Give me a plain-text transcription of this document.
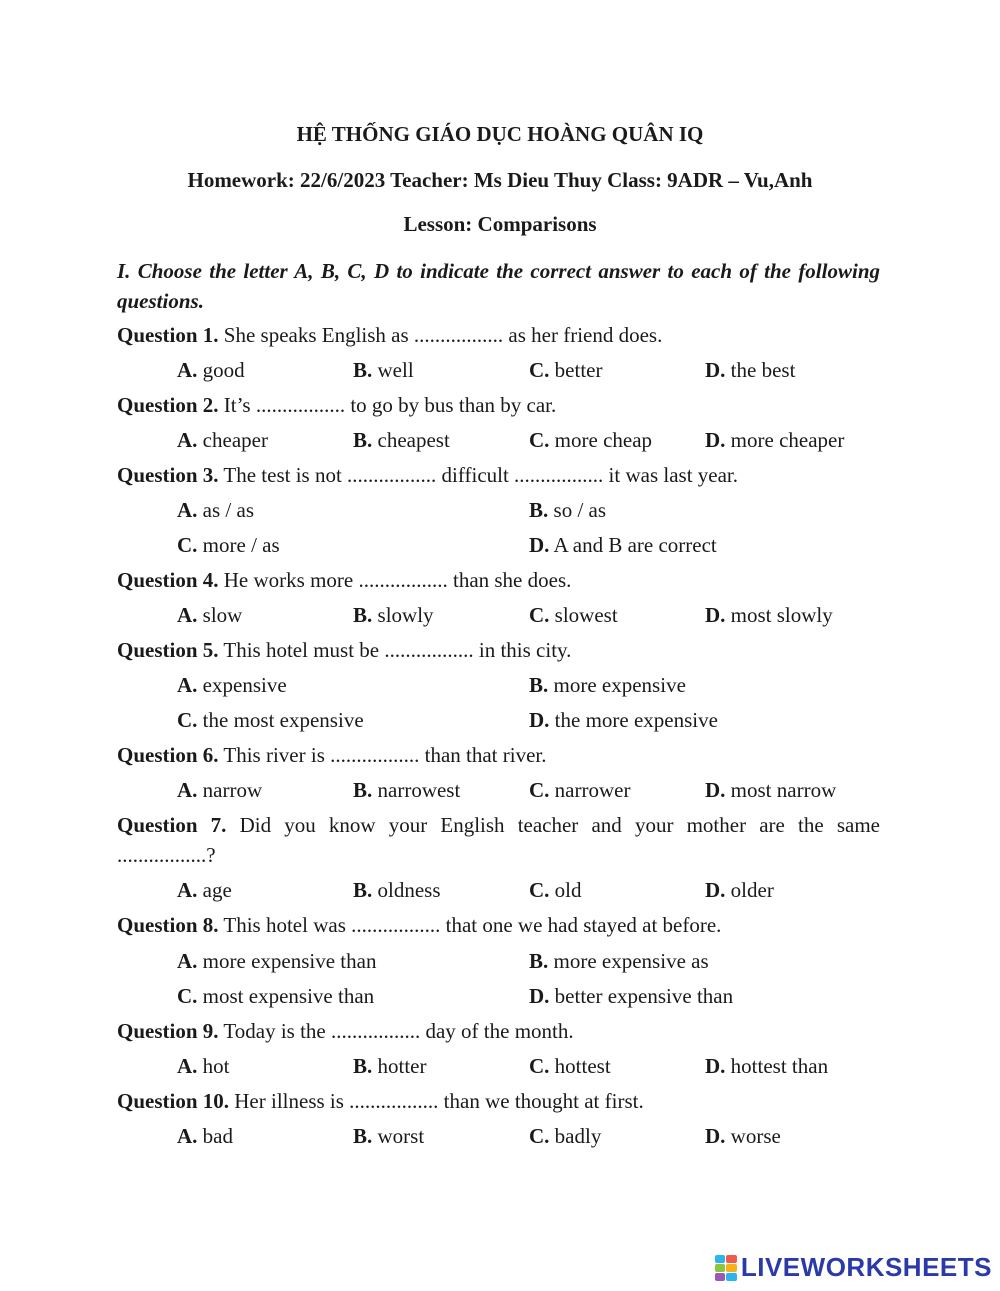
HỆ THỐNG GIÁO DỤC HOÀNG QUÂN IQ
Homework: 22/6/2023 Teacher: Ms Dieu Thuy Class: 9ADR – Vu,Anh
Lesson: Comparisons
I. Choose the letter A, B, C, D to indicate the correct answer to each of the following questions.
Question 1. She speaks English as ................. as her friend does.
A. good	B. well	C. better	D. the best
Question 2. It’s ................. to go by bus than by car.
A. cheaper	B. cheapest	C. more cheap	D. more cheaper
Question 3. The test is not ................. difficult ................. it was last year.
A. as / as	B. so / as
C. more / as	D. A and B are correct
Question 4. He works more ................. than she does.
A. slow	B. slowly	C. slowest	D. most slowly
Question 5. This hotel must be ................. in this city.
A. expensive	B. more expensive
C. the most expensive	D. the more expensive
Question 6. This river is ................. than that river.
A. narrow	B. narrowest	C. narrower	D. most narrow
Question 7. Did you know your English teacher and your mother are the same .................?
A. age	B. oldness	C. old	D. older
Question 8. This hotel was ................. that one we had stayed at before.
A. more expensive than	B. more expensive as
C. most expensive than	D. better expensive than
Question 9. Today is the ................. day of the month.
A. hot	B. hotter	C. hottest	D. hottest than
Question 10. Her illness is ................. than we thought at first.
A. bad	B. worst	C. badly	D. worse
LIVEWORKSHEETS
